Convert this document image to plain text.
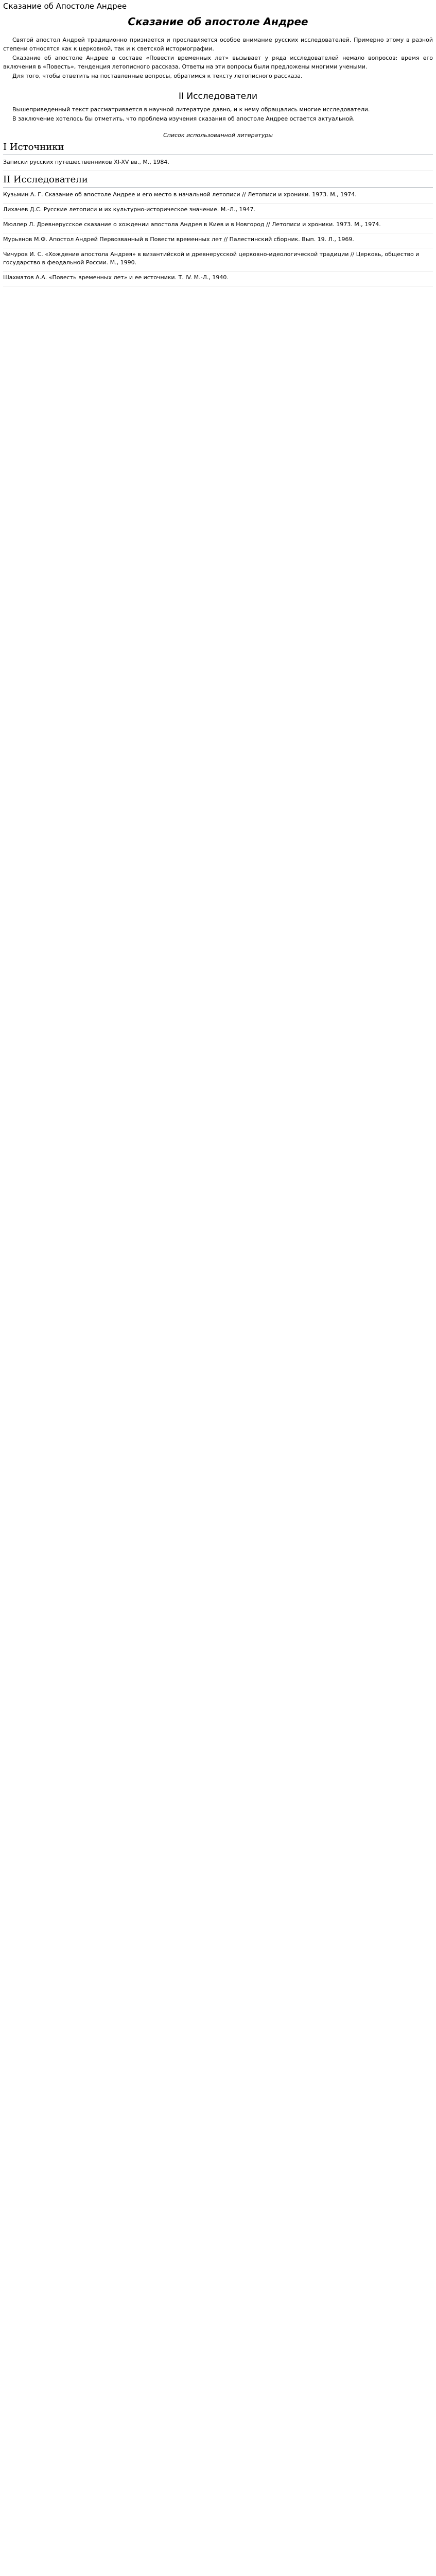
Сказание об Апостоле Андрее
Сказание об апостоле Андрее

Святой апостол Андрей традиционно признается и прославляется особое внимание русских исследователей. Примерно этому в разной степени относятся как к церковной, так и к светской историографии.

Сказание об апостоле Андрее в составе «Повести временных лет» вызывает у ряда исследователей немало вопросов: время его включения в «Повесть», тенденция летописного рассказа. Ответы на эти вопросы были предложены многими учеными.

Для того, чтобы ответить на поставленные вопросы, обратимся к тексту летописного рассказа.

II Исследователи

Вышеприведенный текст рассматривается в научной литературе давно, и к нему обращались многие исследователи.

В заключение хотелось бы отметить, что проблема изучения сказания об апостоле Андрее остается актуальной.

Список использованной литературы
I Источники
Записки русских путешественников XI-XV вв., М., 1984.
II Исследователи
Кузьмин А. Г. Сказание об апостоле Андрее и его место в начальной летописи // Летописи и хроники. 1973. М., 1974.
Лихачев Д.С. Русские летописи и их культурно-историческое значение. М.-Л., 1947.
Мюллер Л. Древнерусское сказание о хождении апостола Андрея в Киев и в Новгород // Летописи и хроники. 1973. М., 1974.
Мурьянов М.Ф. Апостол Андрей Первозванный в Повести временных лет // Палестинский сборник. Вып. 19. Л., 1969.
Чичуров И. С. «Хождение апостола Андрея» в византийской и древнерусской церковно-идеологической традиции // Церковь, общество и государство в феодальной России. М., 1990.
Шахматов А.А. «Повесть временных лет» и ее источники. Т. IV. М.-Л., 1940.
